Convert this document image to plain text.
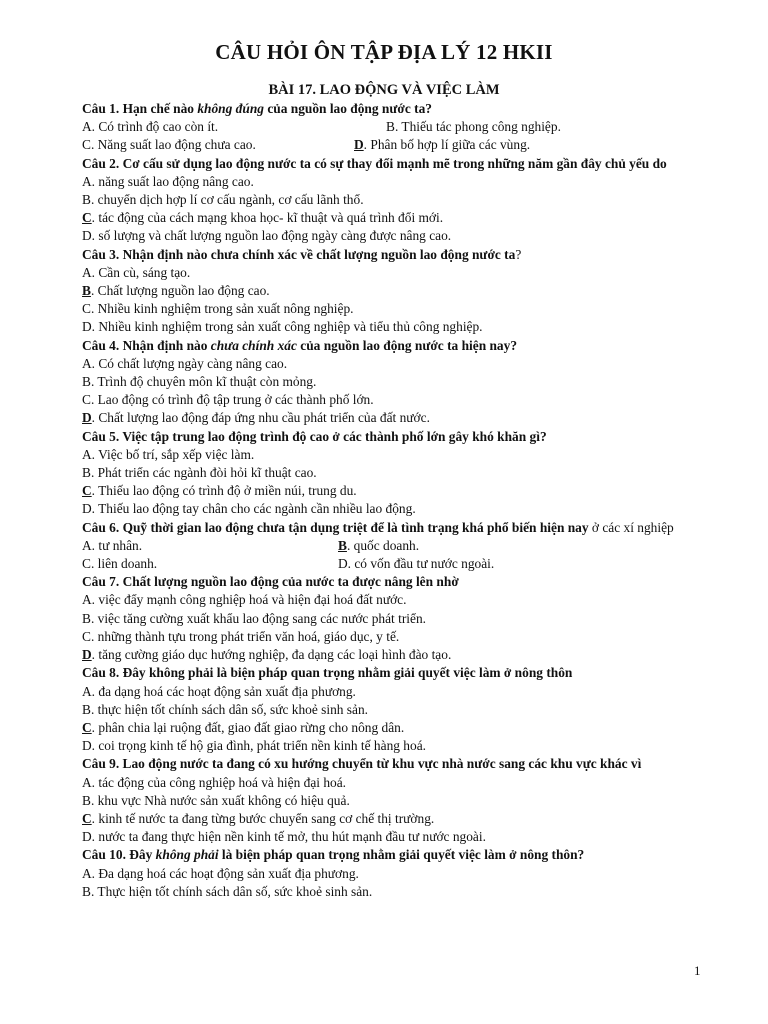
CÂU HỎI ÔN TẬP ĐỊA LÝ 12 HKII
BÀI 17. LAO ĐỘNG VÀ VIỆC LÀM
Câu 1. Hạn chế nào không đúng của nguồn lao động nước ta?
A. Có trình độ cao còn ít.	B. Thiếu tác phong công nghiệp.
C. Năng suất lao động chưa cao.	D. Phân bố hợp lí giữa các vùng.
Câu 2. Cơ cấu sử dụng lao động nước ta có sự thay đổi mạnh mẽ trong những năm gần đây chủ yếu do
A. năng suất lao động nâng cao.
B. chuyển dịch hợp lí cơ cấu ngành, cơ cấu lãnh thổ.
C. tác động của cách mạng khoa học- kĩ thuật và quá trình đổi mới.
D. số lượng và chất lượng nguồn lao động ngày càng được nâng cao.
Câu 3. Nhận định nào chưa chính xác về chất lượng nguồn lao động nước ta?
A. Cần cù, sáng tạo.
B. Chất lượng nguồn lao động cao.
C. Nhiều kinh nghiệm trong sản xuất nông nghiệp.
D. Nhiều kinh nghiệm trong sản xuất công nghiệp và tiểu thủ công nghiệp.
Câu 4. Nhận định nào chưa chính xác của nguồn lao động nước ta hiện nay?
A. Có chất lượng ngày càng nâng cao.
B. Trình độ chuyên môn kĩ thuật còn mỏng.
C. Lao động có trình độ tập trung ở các thành phố lớn.
D. Chất lượng lao động đáp ứng nhu cầu phát triển của đất nước.
Câu 5. Việc tập trung lao động trình độ cao ở các thành phố lớn gây khó khăn gì?
A. Việc bố trí, sắp xếp việc làm.
B. Phát triển các ngành đòi hỏi kĩ thuật cao.
C. Thiếu lao động có trình độ ở miền núi, trung du.
D. Thiếu lao động tay chân cho các ngành cần nhiều lao động.
Câu 6. Quỹ thời gian lao động chưa tận dụng triệt để là tình trạng khá phổ biến hiện nay ở các xí nghiệp
A. tư nhân.	B. quốc doanh.
C. liên doanh.	D. có vốn đầu tư nước ngoài.
Câu 7. Chất lượng nguồn lao động của nước ta được nâng lên nhờ
A. việc đẩy mạnh công nghiệp hoá và hiện đại hoá đất nước.
B. việc tăng cường xuất khẩu lao động sang các nước phát triển.
C. những thành tựu trong phát triển văn hoá, giáo dục, y tế.
D. tăng cường giáo dục hướng nghiệp, đa dạng các loại hình đào tạo.
Câu 8. Đây không phải là biện pháp quan trọng nhằm giải quyết việc làm ở nông thôn
A. đa dạng hoá các hoạt động sản xuất địa phương.
B. thực hiện tốt chính sách dân số, sức khoẻ sinh sản.
C. phân chia lại ruộng đất, giao đất giao rừng cho nông dân.
D. coi trọng kinh tế hộ gia đình, phát triển nền kinh tế hàng hoá.
Câu 9. Lao động nước ta đang có xu hướng chuyển từ khu vực nhà nước sang các khu vực khác vì
A. tác động của công nghiệp hoá và hiện đại hoá.
B. khu vực Nhà nước sản xuất không có hiệu quả.
C. kinh tế nước ta đang từng bước chuyển sang cơ chế thị trường.
D. nước ta đang thực hiện nền kinh tế mở, thu hút mạnh đầu tư nước ngoài.
Câu 10. Đây không phải là biện pháp quan trọng nhằm giải quyết việc làm ở nông thôn?
A. Đa dạng hoá các hoạt động sản xuất địa phương.
B. Thực hiện tốt chính sách dân số, sức khoẻ sinh sản.
1
